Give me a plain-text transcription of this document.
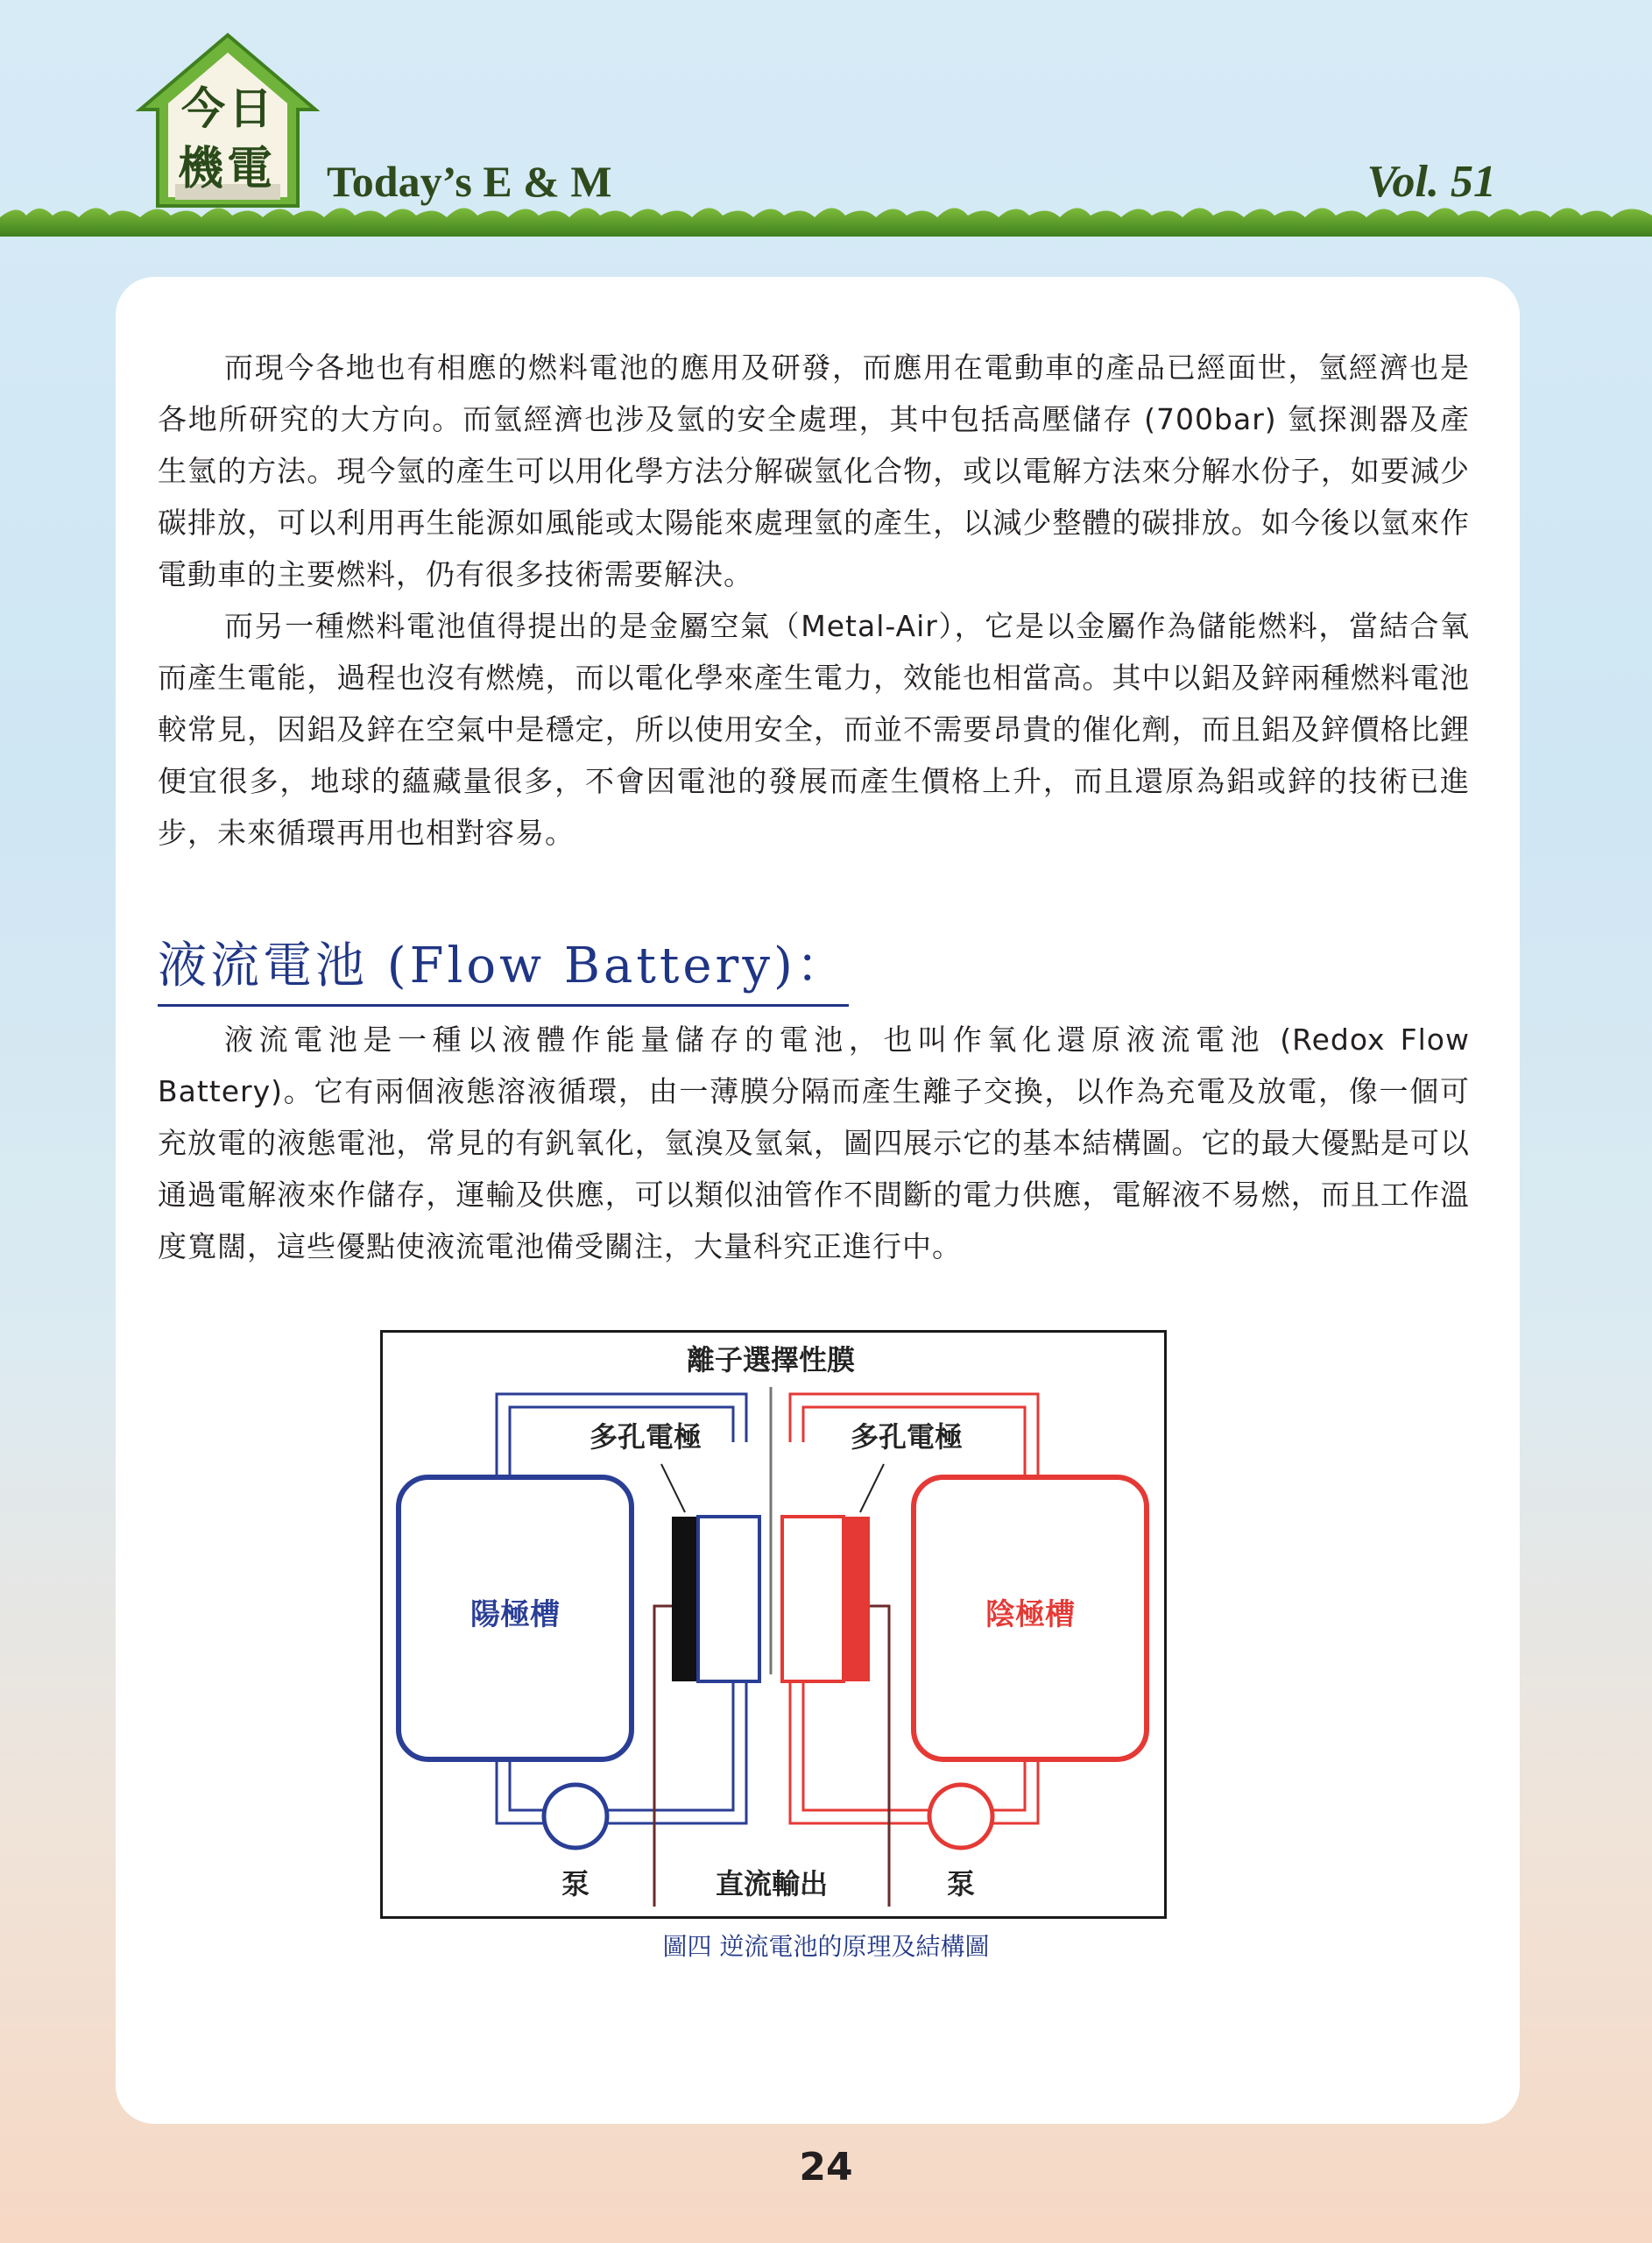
今日
機電 Today’s E & M	Vol. 51

而現今各地也有相應的燃料電池的應用及研發，而應用在電動車的產品已經面世，氫經濟也是各地所研究的大方向。而氫經濟也涉及氫的安全處理，其中包括高壓儲存 (700bar) 氫探測器及產生氫的方法。現今氫的產生可以用化學方法分解碳氫化合物，或以電解方法來分解水份子，如要減少碳排放，可以利用再生能源如風能或太陽能來處理氫的產生，以減少整體的碳排放。如今後以氫來作電動車的主要燃料，仍有很多技術需要解決。

而另一種燃料電池值得提出的是金屬空氣（Metal-Air），它是以金屬作為儲能燃料，當結合氧而產生電能，過程也沒有燃燒，而以電化學來產生電力，效能也相當高。其中以鋁及鋅兩種燃料電池較常見，因鋁及鋅在空氣中是穩定，所以使用安全，而並不需要昂貴的催化劑，而且鋁及鋅價格比鋰便宜很多，地球的蘊藏量很多，不會因電池的發展而產生價格上升，而且還原為鋁或鋅的技術已進步，未來循環再用也相對容易。

液流電池 (Flow Battery)：

液流電池是一種以液體作能量儲存的電池，也叫作氧化還原液流電池 (Redox Flow Battery)。它有兩個液態溶液循環，由一薄膜分隔而產生離子交換，以作為充電及放電，像一個可充放電的液態電池，常見的有釩氧化，氫溴及氫氣，圖四展示它的基本結構圖。它的最大優點是可以通過電解液來作儲存，運輸及供應，可以類似油管作不間斷的電力供應，電解液不易燃，而且工作溫度寬闊，這些優點使液流電池備受關注，大量科究正進行中。

陽極槽	陰極槽
離子選擇性膜
多孔電極	多孔電極
泵	直流輸出	泵
圖四 逆流電池的原理及結構圖
24
